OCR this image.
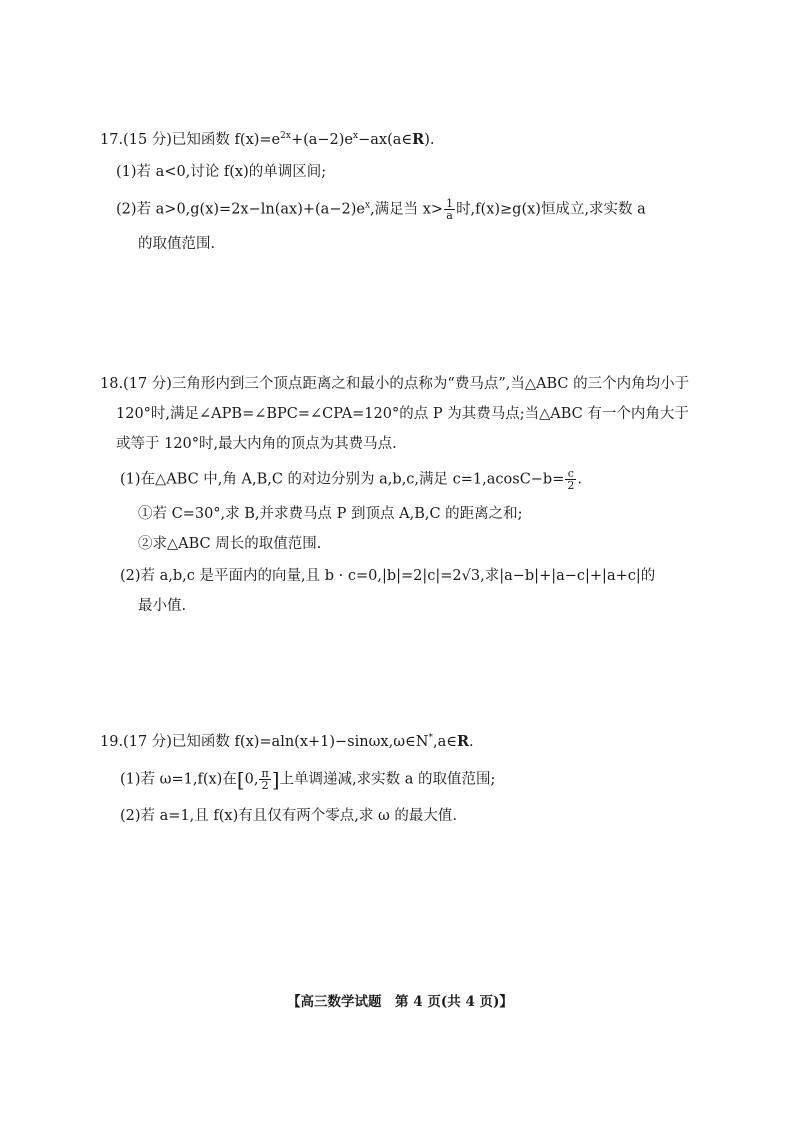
17.(15 分)已知函数 $f(x)=e^{2x}+(a-2)e^x-ax(a\in R)$.
(1)若 a<0,讨论 f(x)的单调区间;
(2)若 $a>0,g(x)=2x-\ln(ax)+(a-2)e^x$,满足当 $x> \frac{1}{a}$ 时,f(x)≥g(x)恒成立,求实数 a
的取值范围.
18.(17 分)三角形内到三个顶点距离之和最小的点称为“费马点”,当△ABC 的三个内角均小于
120°时,满足∠APB=∠BPC=∠CPA=120°的点 P 为其费马点;当△ABC 有一个内角大于
或等于 120°时,最大内角的顶点为其费马点.
(1)在△ABC 中,角 A,B,C 的对边分别为 a,b,c,满足 $c=1,acosC-b= \frac{c}{2}$ .
①若 C=30°,求 B,并求费马点 P 到顶点 A,B,C 的距离之和;
②求△ABC 周长的取值范围.
(2)若 a,b,c 是平面内的向量,且 b · c=0,|b|=2|c|=2√3,求|a−b|+|a−c|+|a+c|的
最小值.
19.(17 分)已知函数 f(x)=aln(x+1)−sinωx,ω∈N*,a∈R.
(1)若 ω=1,f(x)在[0, $\frac{\pi}{2}$ ]上单调递减,求实数 a 的取值范围;
(2)若 a=1,且 f(x)有且仅有两个零点,求 ω 的最大值.
【高三数学试题　第 4 页(共 4 页)】
